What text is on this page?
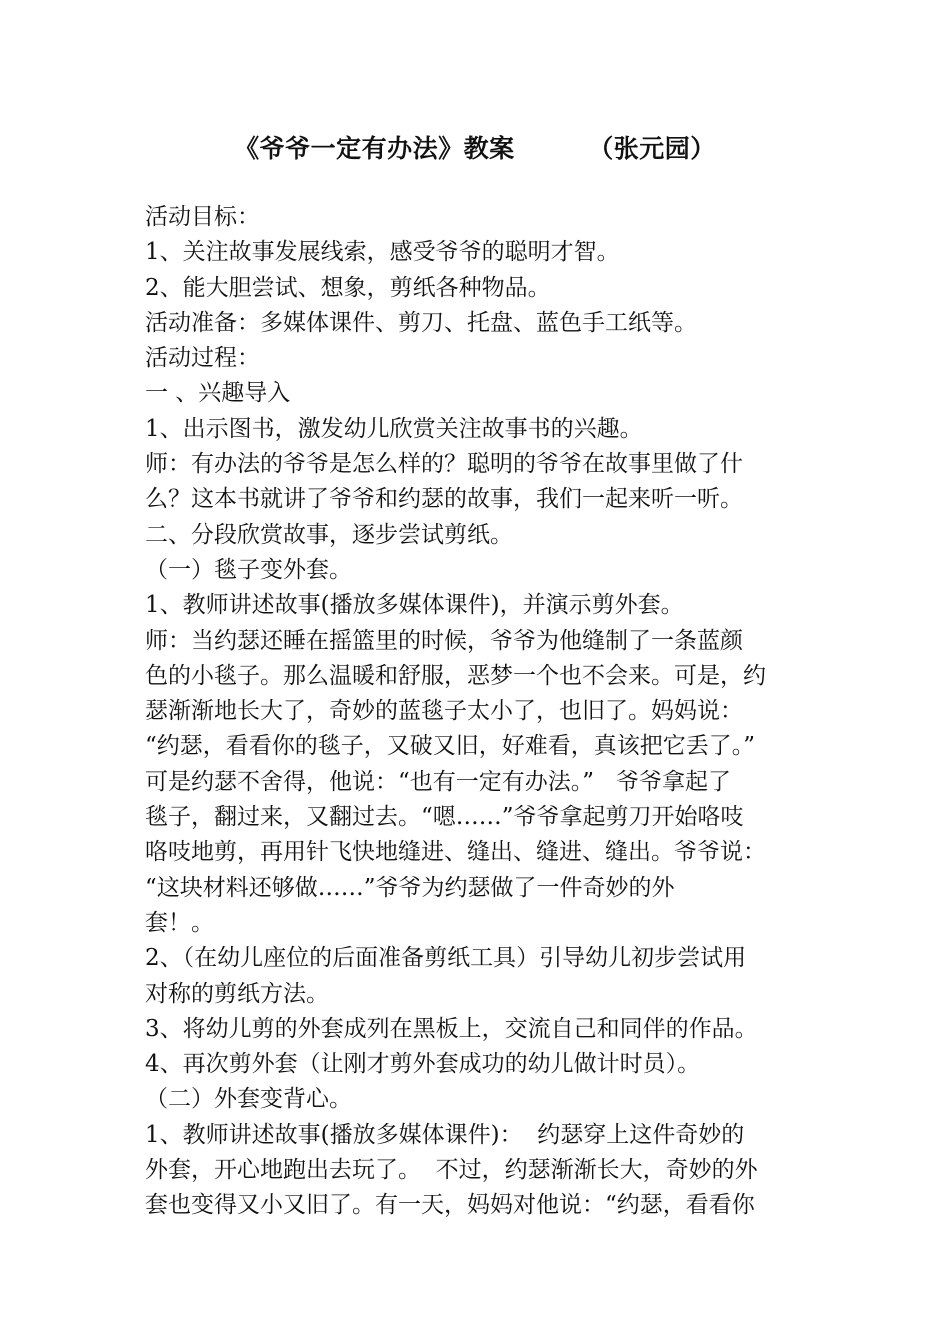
《爷爷一定有办法》教案        （张元园）
活动目标：
1、关注故事发展线索，感受爷爷的聪明才智。
2、能大胆尝试、想象，剪纸各种物品。
活动准备：多媒体课件、剪刀、托盘、蓝色手工纸等。
活动过程：
一 、兴趣导入
1、出示图书，激发幼儿欣赏关注故事书的兴趣。
师：有办法的爷爷是怎么样的？聪明的爷爷在故事里做了什
么？这本书就讲了爷爷和约瑟的故事，我们一起来听一听。
二、分段欣赏故事，逐步尝试剪纸。
（一）毯子变外套。
1、教师讲述故事(播放多媒体课件)，并演示剪外套。
师：当约瑟还睡在摇篮里的时候，爷爷为他缝制了一条蓝颜
色的小毯子。那么温暖和舒服，恶梦一个也不会来。可是，约
瑟渐渐地长大了，奇妙的蓝毯子太小了，也旧了。妈妈说：
“约瑟，看看你的毯子，又破又旧，好难看，真该把它丢了。”
可是约瑟不舍得，他说：“也有一定有办法。”   爷爷拿起了
毯子，翻过来，又翻过去。“嗯……”爷爷拿起剪刀开始咯吱
咯吱地剪，再用针飞快地缝进、缝出、缝进、缝出。爷爷说：
“这块材料还够做……”爷爷为约瑟做了一件奇妙的外
套！。
2、（在幼儿座位的后面准备剪纸工具）引导幼儿初步尝试用
对称的剪纸方法。
3、将幼儿剪的外套成列在黑板上，交流自己和同伴的作品。
4、再次剪外套（让刚才剪外套成功的幼儿做计时员）。
（二）外套变背心。
1、教师讲述故事(播放多媒体课件)：  约瑟穿上这件奇妙的
外套，开心地跑出去玩了。  不过，约瑟渐渐长大，奇妙的外
套也变得又小又旧了。有一天，妈妈对他说：“约瑟，看看你
